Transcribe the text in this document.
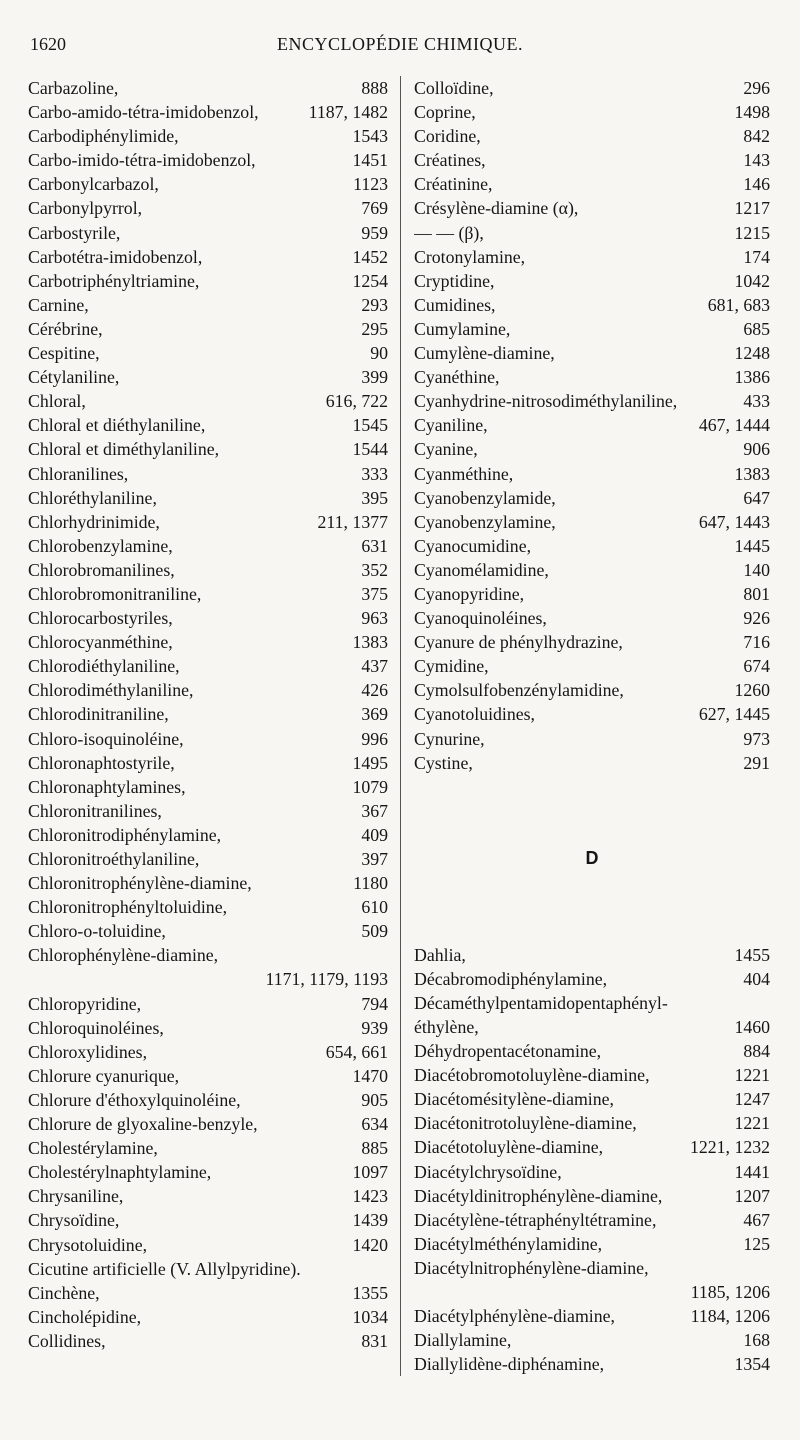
1620	ENCYCLOPÉDIE CHIMIQUE.
Carbazoline,	888
Carbo-amido-tétra-imidobenzol,	1187, 1482
Carbodiphénylimide,	1543
Carbo-imido-tétra-imidobenzol,	1451
Carbonylcarbazol,	1123
Carbonylpyrrol,	769
Carbostyrile,	959
Carbotétra-imidobenzol,	1452
Carbotriphényltriamine,	1254
Carnine,	293
Cérébrine,	295
Cespitine,	90
Cétylaniline,	399
Chloral,	616, 722
Chloral et diéthylaniline,	1545
Chloral et diméthylaniline,	1544
Chloranilines,	333
Chloréthylaniline,	395
Chlorhydrinimide,	211, 1377
Chlorobenzylamine,	631
Chlorobromanilines,	352
Chlorobromonitraniline,	375
Chlorocarbostyriles,	963
Chlorocyanméthine,	1383
Chlorodiéthylaniline,	437
Chlorodiméthylaniline,	426
Chlorodinitraniline,	369
Chloro-isoquinoléine,	996
Chloronaphtostyrile,	1495
Chloronaphtylamines,	1079
Chloronitranilines,	367
Chloronitrodiphénylamine,	409
Chloronitroéthylaniline,	397
Chloronitrophénylène-diamine,	1180
Chloronitrophényltoluidine,	610
Chloro-o-toluidine,	509
Chlorophénylène-diamine,
1171, 1179, 1193
Chloropyridine,	794
Chloroquinoléines,	939
Chloroxylidines,	654, 661
Chlorure cyanurique,	1470
Chlorure d'éthoxylquinoléine,	905
Chlorure de glyoxaline-benzyle,	634
Cholestérylamine,	885
Cholestérylnaphtylamine,	1097
Chrysaniline,	1423
Chrysoïdine,	1439
Chrysotoluidine,	1420
Cicutine artificielle (V. Allylpyridine).
Cinchène,	1355
Cincholépidine,	1034
Collidines,	831
Colloïdine,	296
Coprine,	1498
Coridine,	842
Créatines,	143
Créatinine,	146
Crésylène-diamine (α),	1217
— — (β),	1215
Crotonylamine,	174
Cryptidine,	1042
Cumidines,	681, 683
Cumylamine,	685
Cumylène-diamine,	1248
Cyanéthine,	1386
Cyanhydrine-nitrosodiméthylaniline,	433
Cyaniline,	467, 1444
Cyanine,	906
Cyanméthine,	1383
Cyanobenzylamide,	647
Cyanobenzylamine,	647, 1443
Cyanocumidine,	1445
Cyanomélamidine,	140
Cyanopyridine,	801
Cyanoquinoléines,	926
Cyanure de phénylhydrazine,	716
Cymidine,	674
Cymolsulfobenzénylamidine,	1260
Cyanotoluidines,	627, 1445
Cynurine,	973
Cystine,	291
D
Dahlia,	1455
Décabromodiphénylamine,	404
Décaméthylpentamidopentaphényl-
éthylène,	1460
Déhydropentacétonamine,	884
Diacétobromotoluylène-diamine,	1221
Diacétomésitylène-diamine,	1247
Diacétonitrotoluylène-diamine,	1221
Diacétotoluylène-diamine,	1221, 1232
Diacétylchrysoïdine,	1441
Diacétyldinitrophénylène-diamine,	1207
Diacétylène-tétraphényltétramine,	467
Diacétylméthénylamidine,	125
Diacétylnitrophénylène-diamine,
1185, 1206
Diacétylphénylène-diamine,	1184, 1206
Diallylamine,	168
Diallylidène-diphénamine,	1354
